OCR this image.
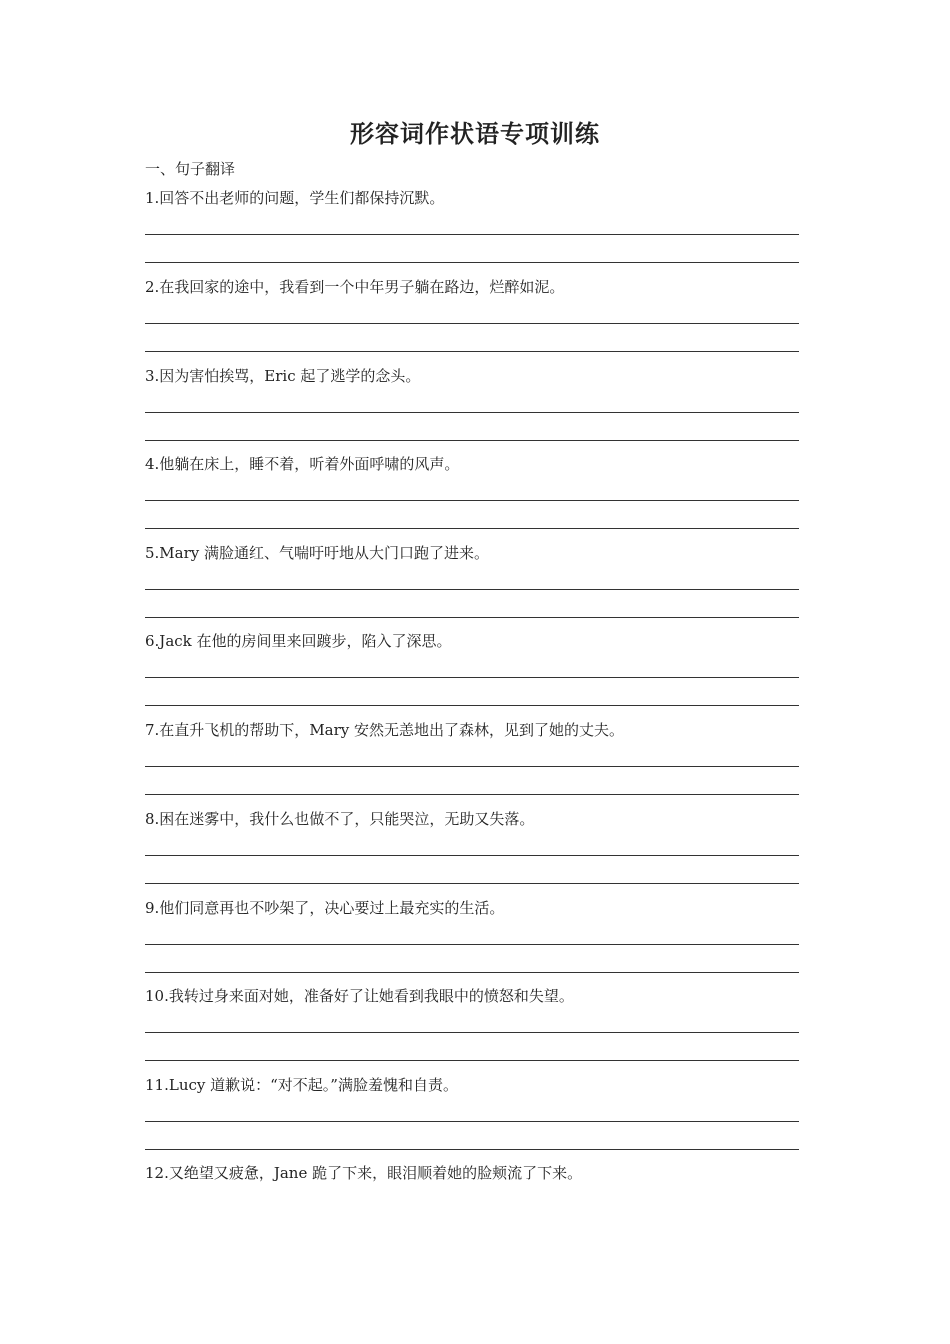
形容词作状语专项训练
一、句子翻译
1.回答不出老师的问题，学生们都保持沉默。
2.在我回家的途中，我看到一个中年男子躺在路边，烂醉如泥。
3.因为害怕挨骂，Eric 起了逃学的念头。
4.他躺在床上，睡不着，听着外面呼啸的风声。
5.Mary 满脸通红、气喘吁吁地从大门口跑了进来。
6.Jack 在他的房间里来回踱步，陷入了深思。
7.在直升飞机的帮助下，Mary 安然无恙地出了森林，见到了她的丈夫。
8.困在迷雾中，我什么也做不了，只能哭泣，无助又失落。
9.他们同意再也不吵架了，决心要过上最充实的生活。
10.我转过身来面对她，准备好了让她看到我眼中的愤怒和失望。
11.Lucy 道歉说：“对不起。”满脸羞愧和自责。
12.又绝望又疲惫，Jane 跪了下来，眼泪顺着她的脸颊流了下来。
